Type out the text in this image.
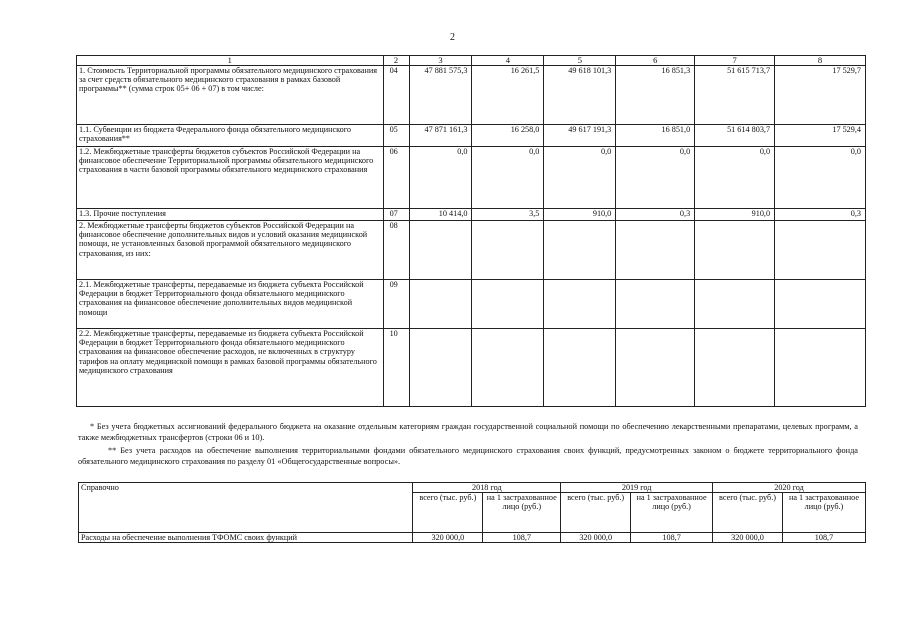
2
1	2	3	4	5	6	7	8
1. Стоимость Территориальной программы обязательного медицинского страхования за счет средств обязательного медицинского страхования в рамках базовой программы** (сумма строк 05+ 06 + 07) в том числе:	04	47 881 575,3	16 261,5	49 618 101,3	16 851,3	51 615 713,7	17 529,7
1.1. Субвенции из бюджета Федерального фонда обязательного медицинского страхования**	05	47 871 161,3	16 258,0	49 617 191,3	16 851,0	51 614 803,7	17 529,4
1.2. Межбюджетные трансферты бюджетов субъектов Российской Федерации на финансовое обеспечение Территориальной программы обязательного медицинского страхования в части базовой программы обязательного медицинского страхования	06	0,0	0,0	0,0	0,0	0,0	0,0
1.3. Прочие поступления	07	10 414,0	3,5	910,0	0,3	910,0	0,3
2. Межбюджетные трансферты бюджетов субъектов Российской Федерации на финансовое обеспечение дополнительных видов и условий оказания медицинской помощи, не установленных базовой программой обязательного медицинского страхования, из них:	08						
2.1. Межбюджетные трансферты, передаваемые из бюджета субъекта Российской Федерации в бюджет Территориального фонда обязательного медицинского страхования на финансовое обеспечение дополнительных видов медицинской помощи	09						
2.2. Межбюджетные трансферты, передаваемые из бюджета субъекта Российской Федерации в бюджет Территориального фонда обязательного медицинского страхования на финансовое обеспечение расходов, не включенных в структуру тарифов на оплату медицинской помощи в рамках базовой программы обязательного медицинского страхования	10						
* Без учета бюджетных ассигнований федерального бюджета на оказание отдельным категориям граждан государственной социальной помощи по обеспечению лекарственными препаратами, целевых программ, а также межбюджетных трансфертов (строки 06 и 10).
** Без учета расходов на обеспечение выполнения территориальными фондами обязательного медицинского страхования своих функций, предусмотренных законом о бюджете территориального фонда обязательного медицинского страхования по разделу 01 «Общегосударственные вопросы».
Справочно	2018 год		2019 год		2020 год	
	всего (тыс. руб.)	на 1 застрахованное лицо (руб.)	всего (тыс. руб.)	на 1 застрахованное лицо (руб.)	всего (тыс. руб.)	на 1 застрахованное лицо (руб.)
Расходы на обеспечение выполнения ТФОМС своих функций	320 000,0	108,7	320 000,0	108,7	320 000,0	108,7
